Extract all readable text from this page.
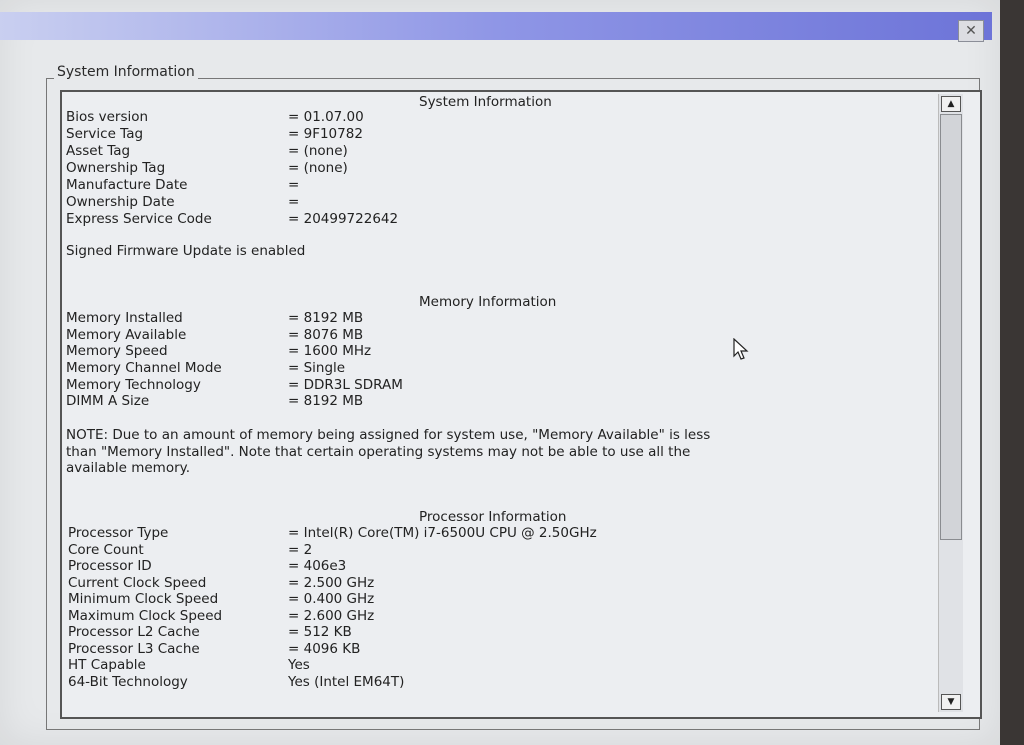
✕
System Information
System Information
Bios version	= 01.07.00
Service Tag	= 9F10782
Asset Tag	= (none)
Ownership Tag	= (none)
Manufacture Date	=
Ownership Date	=
Express Service Code	= 20499722642
Signed Firmware Update is enabled
Memory Information
Memory Installed	= 8192 MB
Memory Available	= 8076 MB
Memory Speed	= 1600 MHz
Memory Channel Mode	= Single
Memory Technology	= DDR3L SDRAM
DIMM A Size	= 8192 MB
NOTE: Due to an amount of memory being assigned for system use, "Memory Available" is less
than "Memory Installed". Note that certain operating systems may not be able to use all the
available memory.
Processor Information
Processor Type	= Intel(R) Core(TM) i7-6500U CPU @ 2.50GHz
Core Count	= 2
Processor ID	= 406e3
Current Clock Speed	= 2.500 GHz
Minimum Clock Speed	= 0.400 GHz
Maximum Clock Speed	= 2.600 GHz
Processor L2 Cache	= 512 KB
Processor L3 Cache	= 4096 KB
HT Capable	Yes
64-Bit Technology	Yes (Intel EM64T)
▲
▼
